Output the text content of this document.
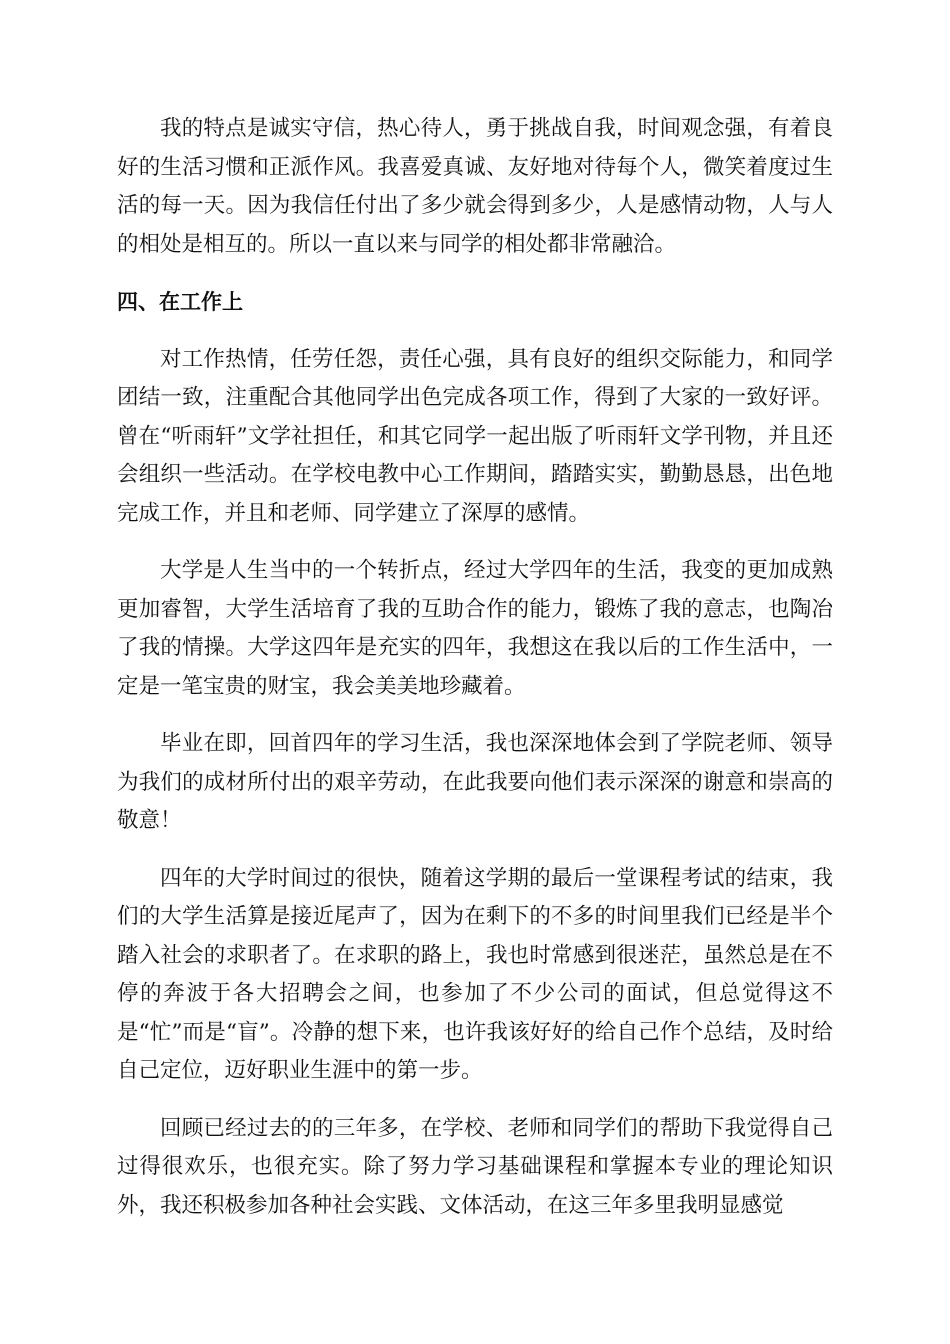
我的特点是诚实守信，热心待人，勇于挑战自我，时间观念强，有着良好的生活习惯和正派作风。我喜爱真诚、友好地对待每个人，微笑着度过生活的每一天。因为我信任付出了多少就会得到多少，人是感情动物，人与人的相处是相互的。所以一直以来与同学的相处都非常融洽。

四、在工作上

对工作热情，任劳任怨，责任心强，具有良好的组织交际能力，和同学团结一致，注重配合其他同学出色完成各项工作，得到了大家的一致好评。曾在“听雨轩”文学社担任，和其它同学一起出版了听雨轩文学刊物，并且还会组织一些活动。在学校电教中心工作期间，踏踏实实，勤勤恳恳，出色地完成工作，并且和老师、同学建立了深厚的感情。

大学是人生当中的一个转折点，经过大学四年的生活，我变的更加成熟更加睿智，大学生活培育了我的互助合作的能力，锻炼了我的意志，也陶冶了我的情操。大学这四年是充实的四年，我想这在我以后的工作生活中，一定是一笔宝贵的财宝，我会美美地珍藏着。

毕业在即，回首四年的学习生活，我也深深地体会到了学院老师、领导为我们的成材所付出的艰辛劳动，在此我要向他们表示深深的谢意和崇高的敬意！

四年的大学时间过的很快，随着这学期的最后一堂课程考试的结束，我们的大学生活算是接近尾声了，因为在剩下的不多的时间里我们已经是半个踏入社会的求职者了。在求职的路上，我也时常感到很迷茫，虽然总是在不停的奔波于各大招聘会之间，也参加了不少公司的面试，但总觉得这不是“忙”而是“盲”。冷静的想下来，也许我该好好的给自己作个总结，及时给自己定位，迈好职业生涯中的第一步。

回顾已经过去的的三年多，在学校、老师和同学们的帮助下我觉得自己过得很欢乐，也很充实。除了努力学习基础课程和掌握本专业的理论知识外，我还积极参加各种社会实践、文体活动，在这三年多里我明显感觉
